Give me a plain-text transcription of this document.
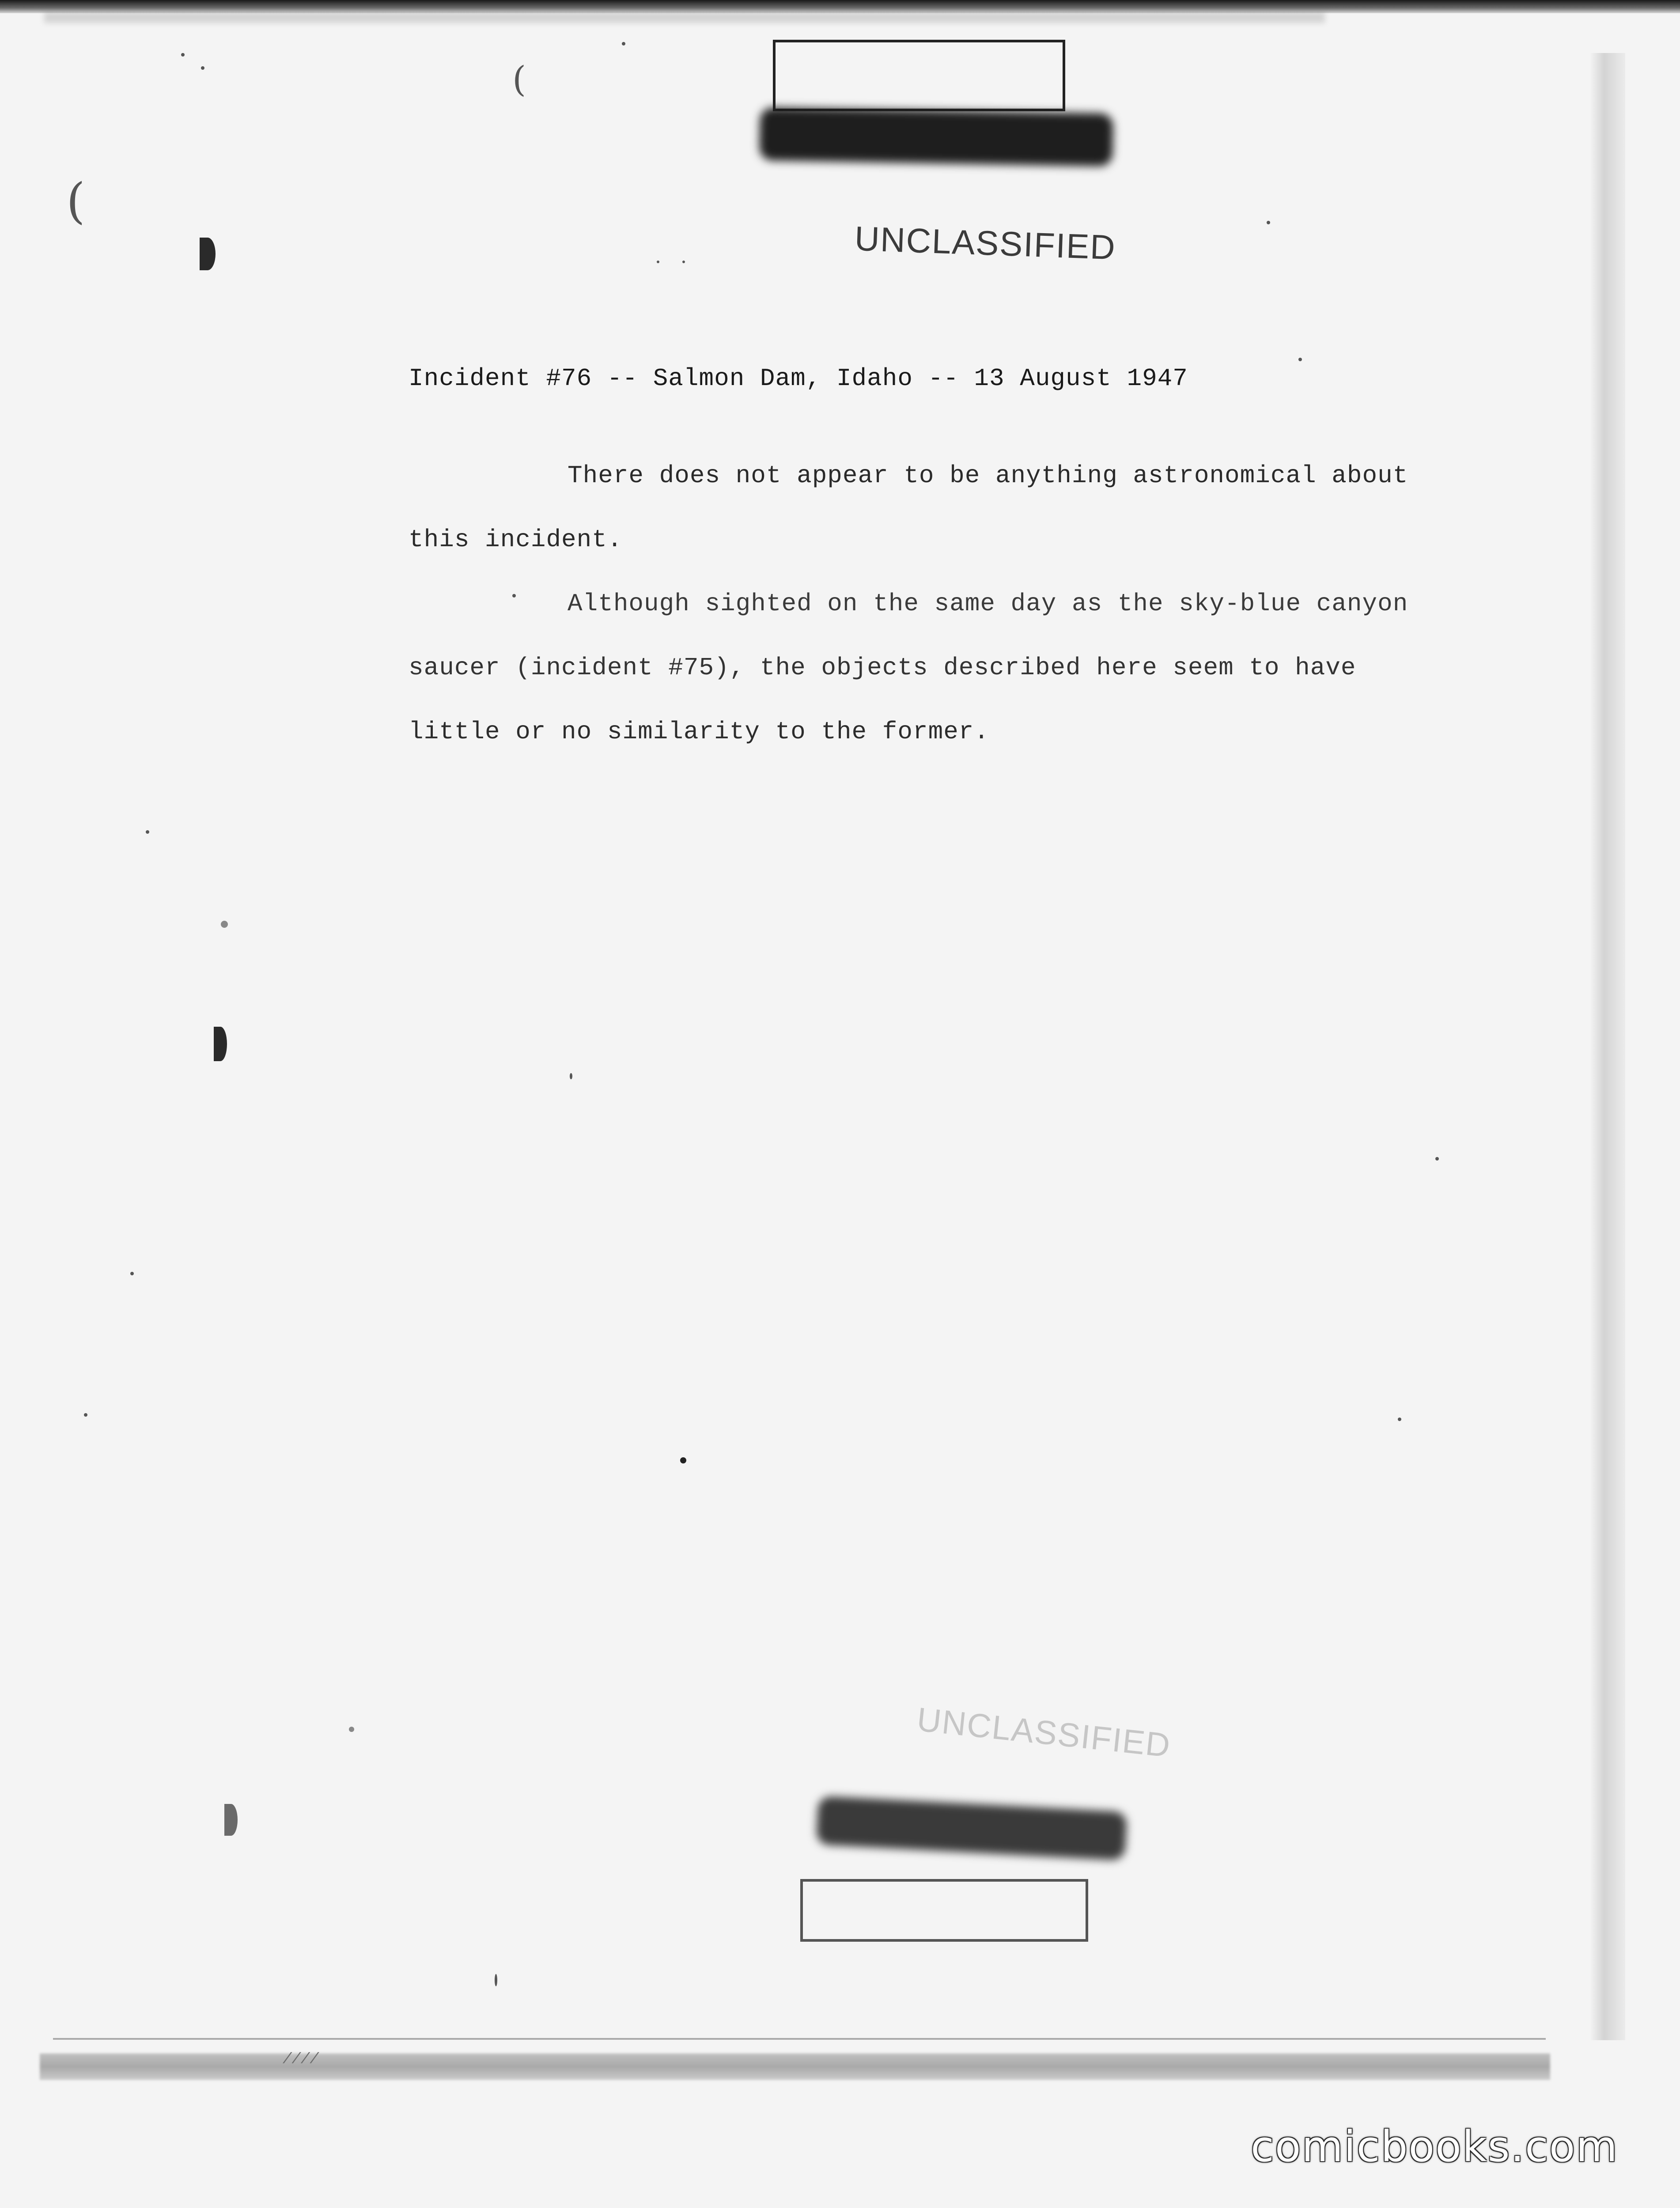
(
(
UNCLASSIFIED
Incident #76 -- Salmon Dam, Idaho -- 13 August 1947
There does not appear to be anything astronomical about
this incident.
Although sighted on the same day as the sky-blue canyon
saucer (incident #75), the objects described here seem to have
little or no similarity to the former.
UNCLASSIFIED
////
comicbooks.com
